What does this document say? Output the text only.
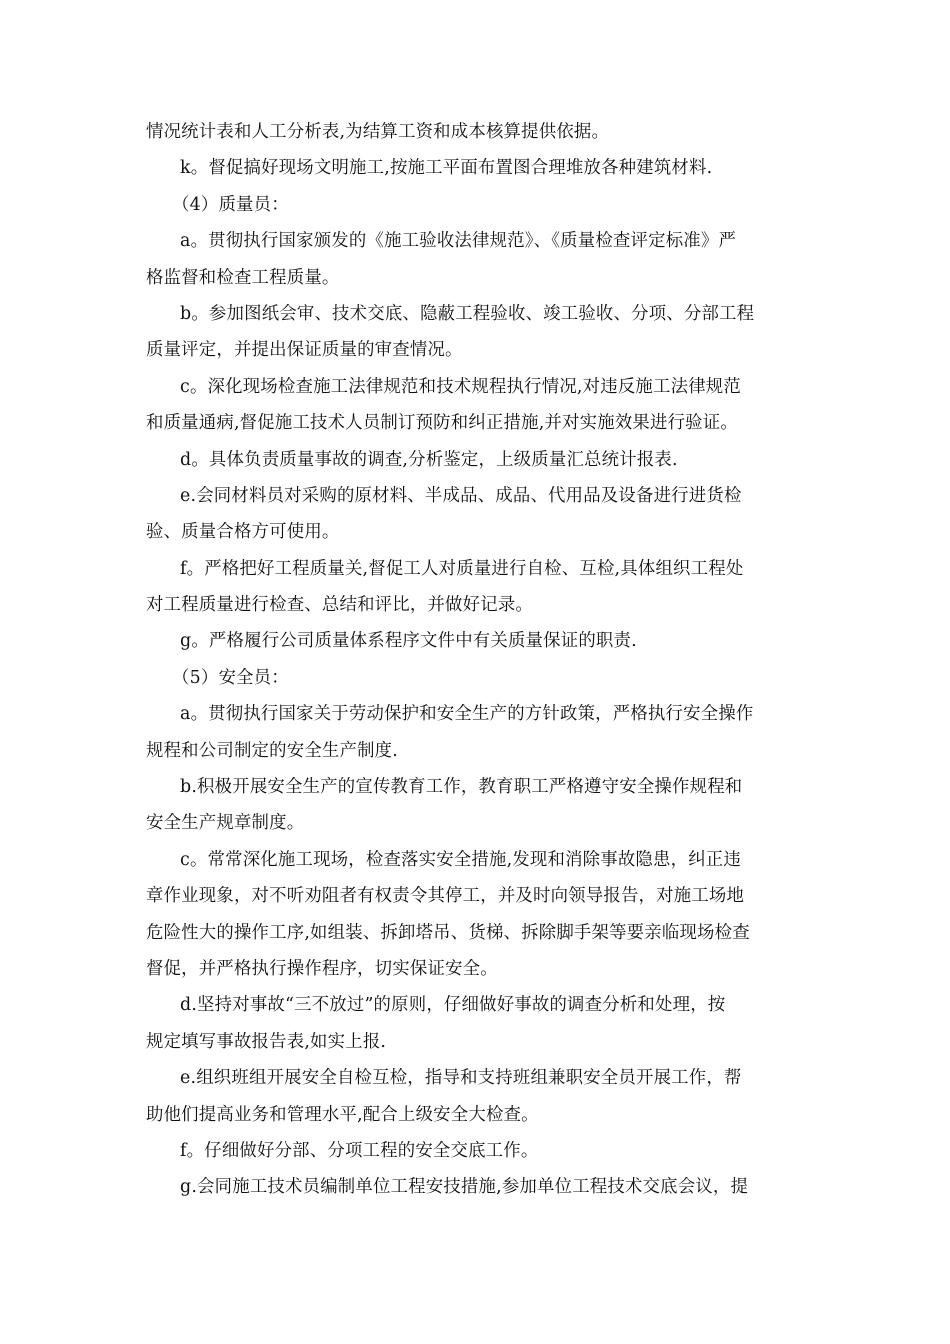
情况统计表和人工分析表,为结算工资和成本核算提供依据。
k。督促搞好现场文明施工,按施工平面布置图合理堆放各种建筑材料.
（4）质量员：
a。贯彻执行国家颁发的《施工验收法律规范》、《质量检查评定标准》严
格监督和检查工程质量。
b。参加图纸会审、技术交底、隐蔽工程验收、竣工验收、分项、分部工程
质量评定，并提出保证质量的审查情况。
c。深化现场检查施工法律规范和技术规程执行情况,对违反施工法律规范
和质量通病,督促施工技术人员制订预防和纠正措施,并对实施效果进行验证。
d。具体负责质量事故的调查,分析鉴定，上级质量汇总统计报表.
e.会同材料员对采购的原材料、半成品、成品、代用品及设备进行进货检
验、质量合格方可使用。
f。严格把好工程质量关,督促工人对质量进行自检、互检,具体组织工程处
对工程质量进行检查、总结和评比，并做好记录。
g。严格履行公司质量体系程序文件中有关质量保证的职责.
（5）安全员：
a。贯彻执行国家关于劳动保护和安全生产的方针政策，严格执行安全操作
规程和公司制定的安全生产制度.
b.积极开展安全生产的宣传教育工作，教育职工严格遵守安全操作规程和
安全生产规章制度。
c。常常深化施工现场，检查落实安全措施,发现和消除事故隐患，纠正违
章作业现象，对不听劝阻者有权责令其停工，并及时向领导报告，对施工场地
危险性大的操作工序,如组装、拆卸塔吊、货梯、拆除脚手架等要亲临现场检查
督促，并严格执行操作程序，切实保证安全。
d.坚持对事故“三不放过”的原则，仔细做好事故的调查分析和处理，按
规定填写事故报告表,如实上报.
e.组织班组开展安全自检互检，指导和支持班组兼职安全员开展工作，帮
助他们提高业务和管理水平,配合上级安全大检查。
f。仔细做好分部、分项工程的安全交底工作。
g.会同施工技术员编制单位工程安技措施,参加单位工程技术交底会议，提
